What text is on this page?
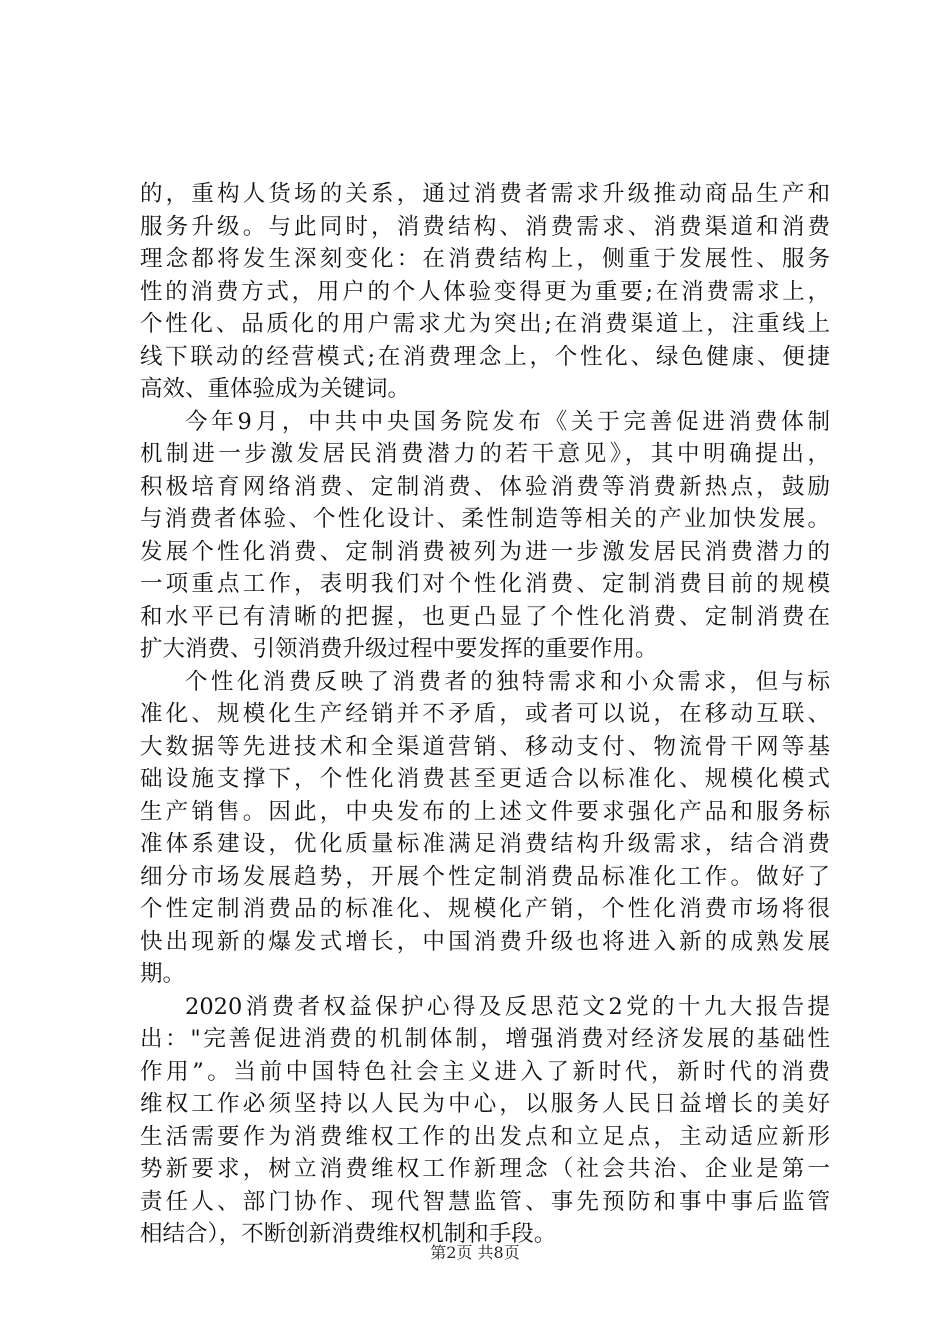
的，重构人货场的关系，通过消费者需求升级推动商品生产和
服务升级。与此同时，消费结构、消费需求、消费渠道和消费
理念都将发生深刻变化：在消费结构上，侧重于发展性、服务
性的消费方式，用户的个人体验变得更为重要;在消费需求上，
个性化、品质化的用户需求尤为突出;在消费渠道上，注重线上
线下联动的经营模式;在消费理念上，个性化、绿色健康、便捷
高效、重体验成为关键词。
今年9月，中共中央国务院发布《关于完善促进消费体制
机制进一步激发居民消费潜力的若干意见》，其中明确提出，
积极培育网络消费、定制消费、体验消费等消费新热点，鼓励
与消费者体验、个性化设计、柔性制造等相关的产业加快发展。
发展个性化消费、定制消费被列为进一步激发居民消费潜力的
一项重点工作，表明我们对个性化消费、定制消费目前的规模
和水平已有清晰的把握，也更凸显了个性化消费、定制消费在
扩大消费、引领消费升级过程中要发挥的重要作用。
个性化消费反映了消费者的独特需求和小众需求，但与标
准化、规模化生产经销并不矛盾，或者可以说，在移动互联、
大数据等先进技术和全渠道营销、移动支付、物流骨干网等基
础设施支撑下，个性化消费甚至更适合以标准化、规模化模式
生产销售。因此，中央发布的上述文件要求强化产品和服务标
准体系建设，优化质量标准满足消费结构升级需求，结合消费
细分市场发展趋势，开展个性定制消费品标准化工作。做好了
个性定制消费品的标准化、规模化产销，个性化消费市场将很
快出现新的爆发式增长，中国消费升级也将进入新的成熟发展
期。
2020消费者权益保护心得及反思范文2党的十九大报告提
出："完善促进消费的机制体制，增强消费对经济发展的基础性
作用”。当前中国特色社会主义进入了新时代，新时代的消费
维权工作必须坚持以人民为中心，以服务人民日益增长的美好
生活需要作为消费维权工作的出发点和立足点，主动适应新形
势新要求，树立消费维权工作新理念（社会共治、企业是第一
责任人、部门协作、现代智慧监管、事先预防和事中事后监管
相结合），不断创新消费维权机制和手段。
第2页 共8页
